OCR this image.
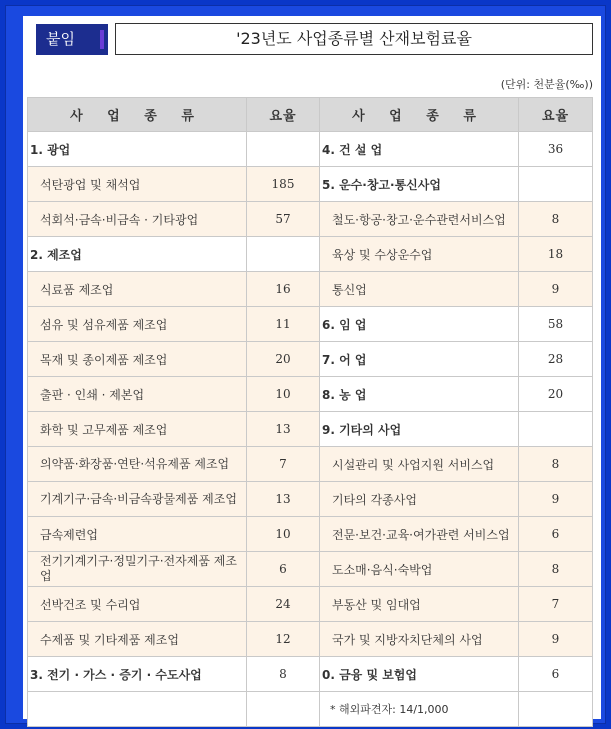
붙임	'23년도 사업종류별 산재보험료율
(단위: 천분율(‰))
사 업 종 류	요율	사 업 종 류	요율
1. 광업		4. 건 설 업	36
석탄광업 및 채석업	185	5. 운수·창고·통신사업	
석회석·금속·비금속 · 기타광업	57	철도·항공·창고·운수관련서비스업	8
2. 제조업		육상 및 수상운수업	18
식료품 제조업	16	통신업	9
섬유 및 섬유제품 제조업	11	6. 임 업	58
목재 및 종이제품 제조업	20	7. 어 업	28
출판 · 인쇄 · 제본업	10	8. 농 업	20
화학 및 고무제품 제조업	13	9. 기타의 사업	
의약품·화장품·연탄·석유제품 제조업	7	시설관리 및 사업지원 서비스업	8
기계기구·금속·비금속광물제품 제조업	13	기타의 각종사업	9
금속제련업	10	전문·보건·교육·여가관련 서비스업	6
전기기계기구·정밀기구·전자제품 제조업	6	도소매·음식·숙박업	8
선박건조 및 수리업	24	부동산 및 임대업	7
수제품 및 기타제품 제조업	12	국가 및 지방자치단체의 사업	9
3. 전기 · 가스 · 증기 · 수도사업	8	0. 금융 및 보험업	6
		* 해외파견자: 14/1,000	
